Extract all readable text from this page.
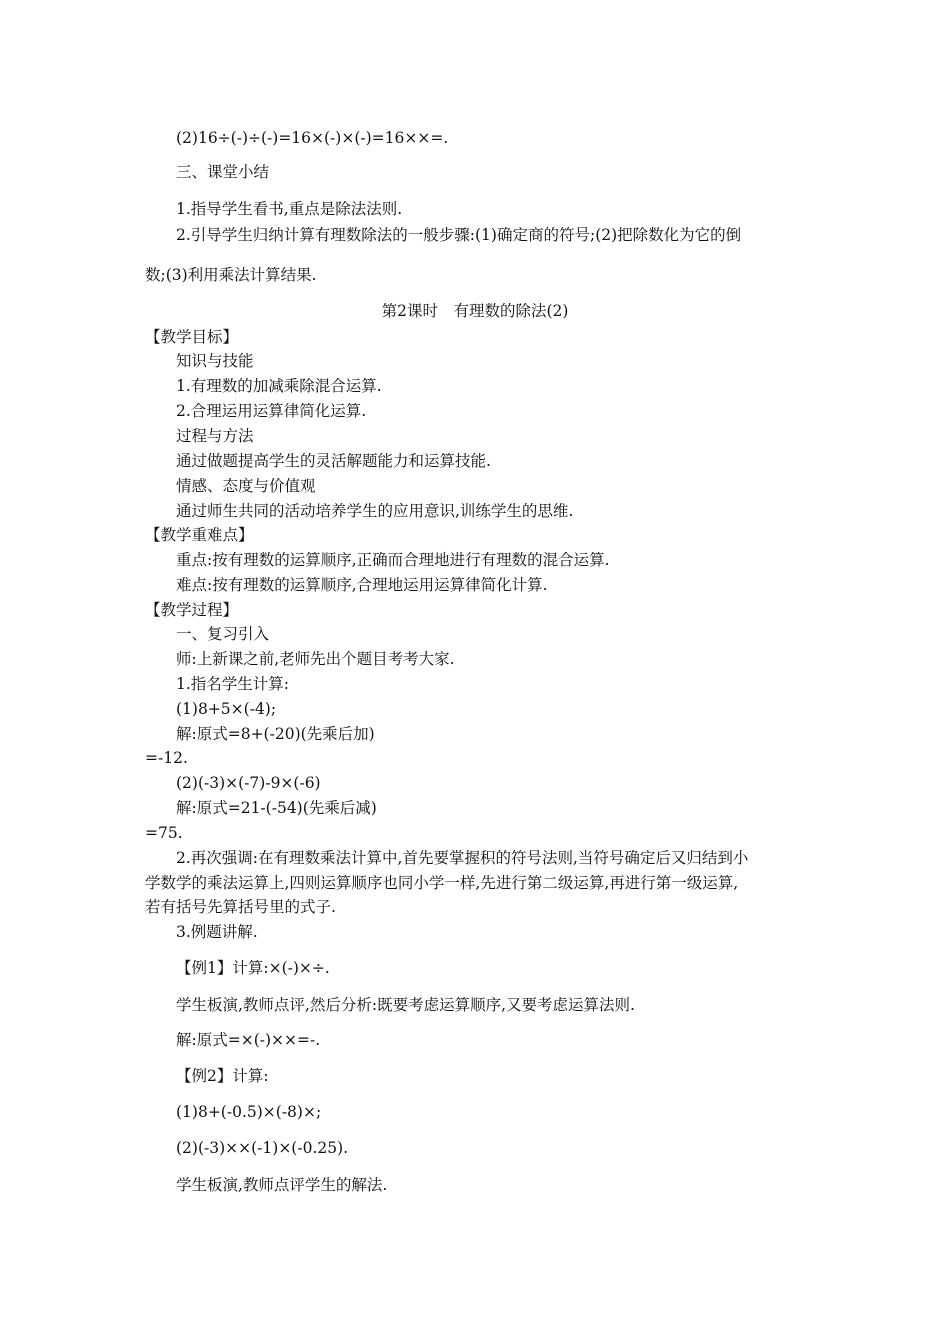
(2)16÷(-)÷(-)=16×(-)×(-)=16××=.
三、课堂小结
1.指导学生看书,重点是除法法则.
2.引导学生归纳计算有理数除法的一般步骤:(1)确定商的符号;(2)把除数化为它的倒
数;(3)利用乘法计算结果.
第2课时　有理数的除法(2)
【教学目标】
知识与技能
1.有理数的加减乘除混合运算.
2.合理运用运算律简化运算.
过程与方法
通过做题提高学生的灵活解题能力和运算技能.
情感、态度与价值观
通过师生共同的活动培养学生的应用意识,训练学生的思维.
【教学重难点】
重点:按有理数的运算顺序,正确而合理地进行有理数的混合运算.
难点:按有理数的运算顺序,合理地运用运算律简化计算.
【教学过程】
一、复习引入
师:上新课之前,老师先出个题目考考大家.
1.指名学生计算:
(1)8+5×(-4);
解:原式=8+(-20)(先乘后加)
=-12.
(2)(-3)×(-7)-9×(-6)
解:原式=21-(-54)(先乘后减)
=75.
2.再次强调:在有理数乘法计算中,首先要掌握积的符号法则,当符号确定后又归结到小
学数学的乘法运算上,四则运算顺序也同小学一样,先进行第二级运算,再进行第一级运算,
若有括号先算括号里的式子.
3.例题讲解.
【例1】计算:×(-)×÷.
学生板演,教师点评,然后分析:既要考虑运算顺序,又要考虑运算法则.
解:原式=×(-)××=-.
【例2】计算:
(1)8+(-0.5)×(-8)×;
(2)(-3)××(-1)×(-0.25).
学生板演,教师点评学生的解法.
